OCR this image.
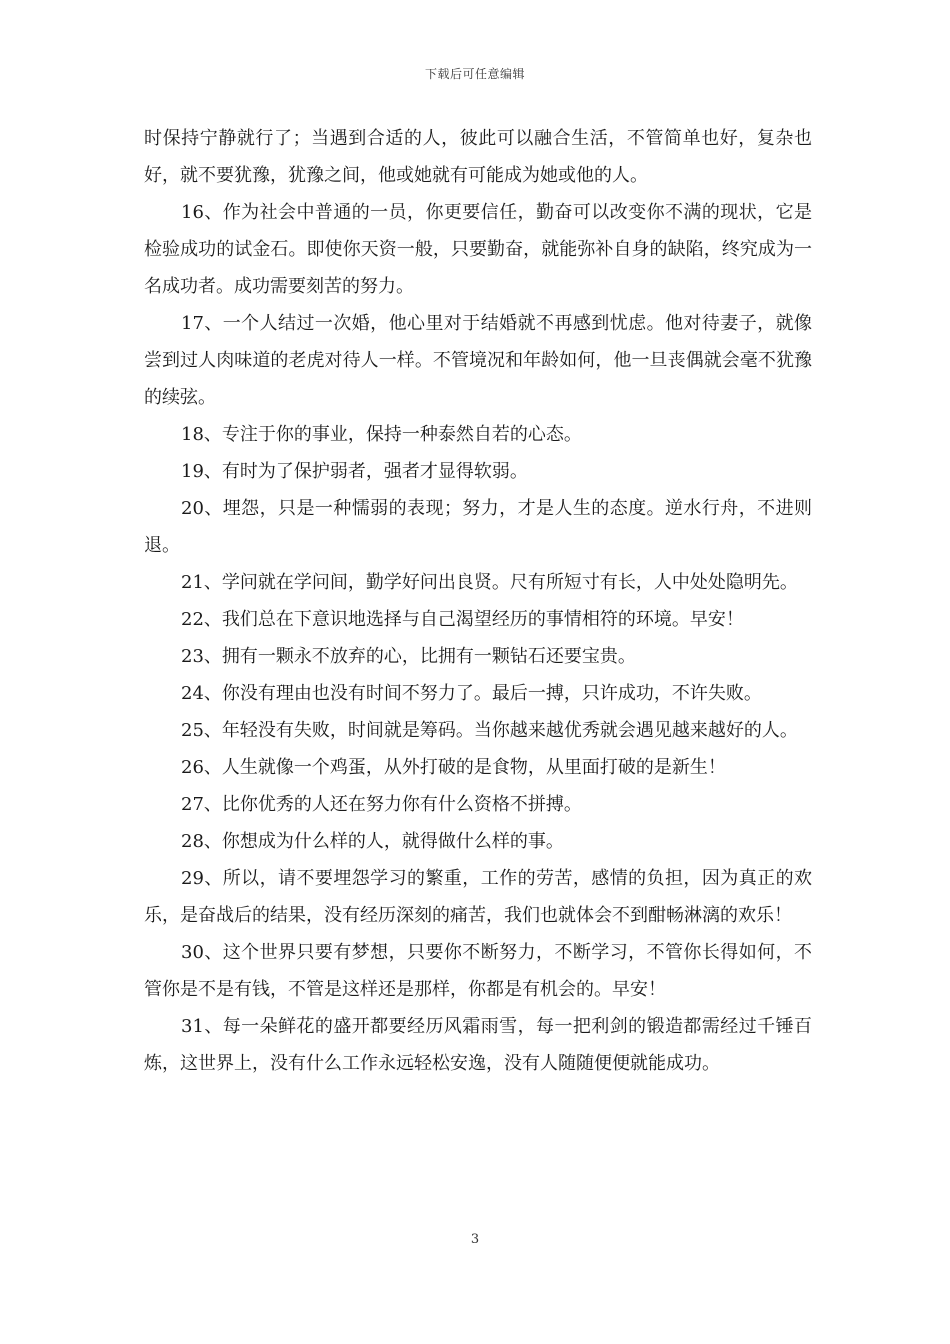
下载后可任意编辑

时保持宁静就行了；当遇到合适的人，彼此可以融合生活，不管简单也好，复杂也好，就不要犹豫，犹豫之间，他或她就有可能成为她或他的人。

16、作为社会中普通的一员，你更要信任，勤奋可以改变你不满的现状，它是检验成功的试金石。即使你天资一般，只要勤奋，就能弥补自身的缺陷，终究成为一名成功者。成功需要刻苦的努力。

17、一个人结过一次婚，他心里对于结婚就不再感到忧虑。他对待妻子，就像尝到过人肉味道的老虎对待人一样。不管境况和年龄如何，他一旦丧偶就会毫不犹豫的续弦。

18、专注于你的事业，保持一种泰然自若的心态。

19、有时为了保护弱者，强者才显得软弱。

20、埋怨，只是一种懦弱的表现；努力，才是人生的态度。逆水行舟，不进则退。

21、学问就在学问间，勤学好问出良贤。尺有所短寸有长，人中处处隐明先。

22、我们总在下意识地选择与自己渴望经历的事情相符的环境。早安！

23、拥有一颗永不放弃的心，比拥有一颗钻石还要宝贵。

24、你没有理由也没有时间不努力了。最后一搏，只许成功，不许失败。

25、年轻没有失败，时间就是筹码。当你越来越优秀就会遇见越来越好的人。

26、人生就像一个鸡蛋，从外打破的是食物，从里面打破的是新生！

27、比你优秀的人还在努力你有什么资格不拼搏。

28、你想成为什么样的人，就得做什么样的事。

29、所以，请不要埋怨学习的繁重，工作的劳苦，感情的负担，因为真正的欢乐，是奋战后的结果，没有经历深刻的痛苦，我们也就体会不到酣畅淋漓的欢乐！

30、这个世界只要有梦想，只要你不断努力，不断学习，不管你长得如何，不管你是不是有钱，不管是这样还是那样，你都是有机会的。早安！

31、每一朵鲜花的盛开都要经历风霜雨雪，每一把利剑的锻造都需经过千锤百炼，这世界上，没有什么工作永远轻松安逸，没有人随随便便就能成功。

3
